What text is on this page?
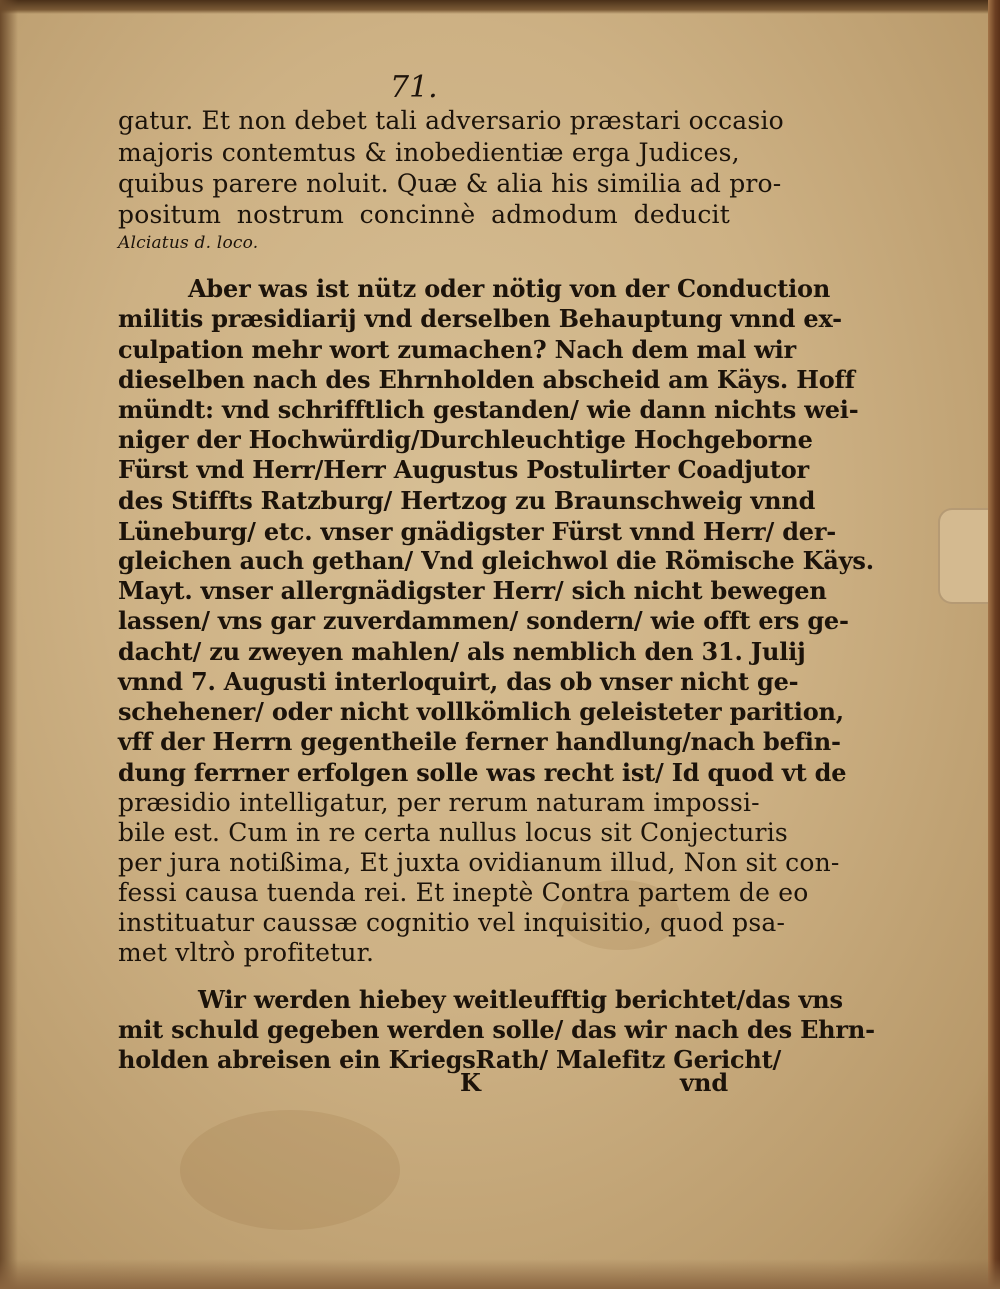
71.
gatur. Et non debet tali adversario præstari occasio
majoris contemtus & inobedientiæ erga Judices,
quibus parere noluit. Quæ & alia his similia ad pro-
positum nostrum concinnè admodum deducit
Alciatus d. loco.
Aber was ist nütz oder nötig von der Conduction
militis præsidiarij vnd derselben Behauptung vnnd ex-
culpation mehr wort zumachen? Nach dem mal wir
dieselben nach des Ehrnholden abscheid am Käys. Hoff
mündt: vnd schrifftlich gestanden/ wie dann nichts wei-
niger der Hochwürdig/Durchleuchtige Hochgeborne
Fürst vnd Herr/Herr Augustus Postulirter Coadjutor
des Stiffts Ratzburg/ Hertzog zu Braunschweig vnnd
Lüneburg/ etc. vnser gnädigster Fürst vnnd Herr/ der-
gleichen auch gethan/ Vnd gleichwol die Römische Käys.
Mayt. vnser allergnädigster Herr/ sich nicht bewegen
lassen/ vns gar zuverdammen/ sondern/ wie offt ers ge-
dacht/ zu zweyen mahlen/ als nemblich den 31. Julij
vnnd 7. Augusti interloquirt, das ob vnser nicht ge-
schehener/ oder nicht vollkömlich geleisteter parition,
vff der Herrn gegentheile ferner handlung/nach befin-
dung ferrner erfolgen solle was recht ist/ Id quod vt de
præsidio intelligatur, per rerum naturam impossi-
bile est. Cum in re certa nullus locus sit Conjecturis
per jura notißima, Et juxta ovidianum illud, Non sit con-
fessi causa tuenda rei. Et ineptè Contra partem de eo
instituatur caussæ cognitio vel inquisitio, quod psa-
met vltrò profitetur.
Wir werden hiebey weitleufftig berichtet/das vns
mit schuld gegeben werden solle/ das wir nach des Ehrn-
holden abreisen ein KriegsRath/ Malefitz Gericht/
K	vnd
